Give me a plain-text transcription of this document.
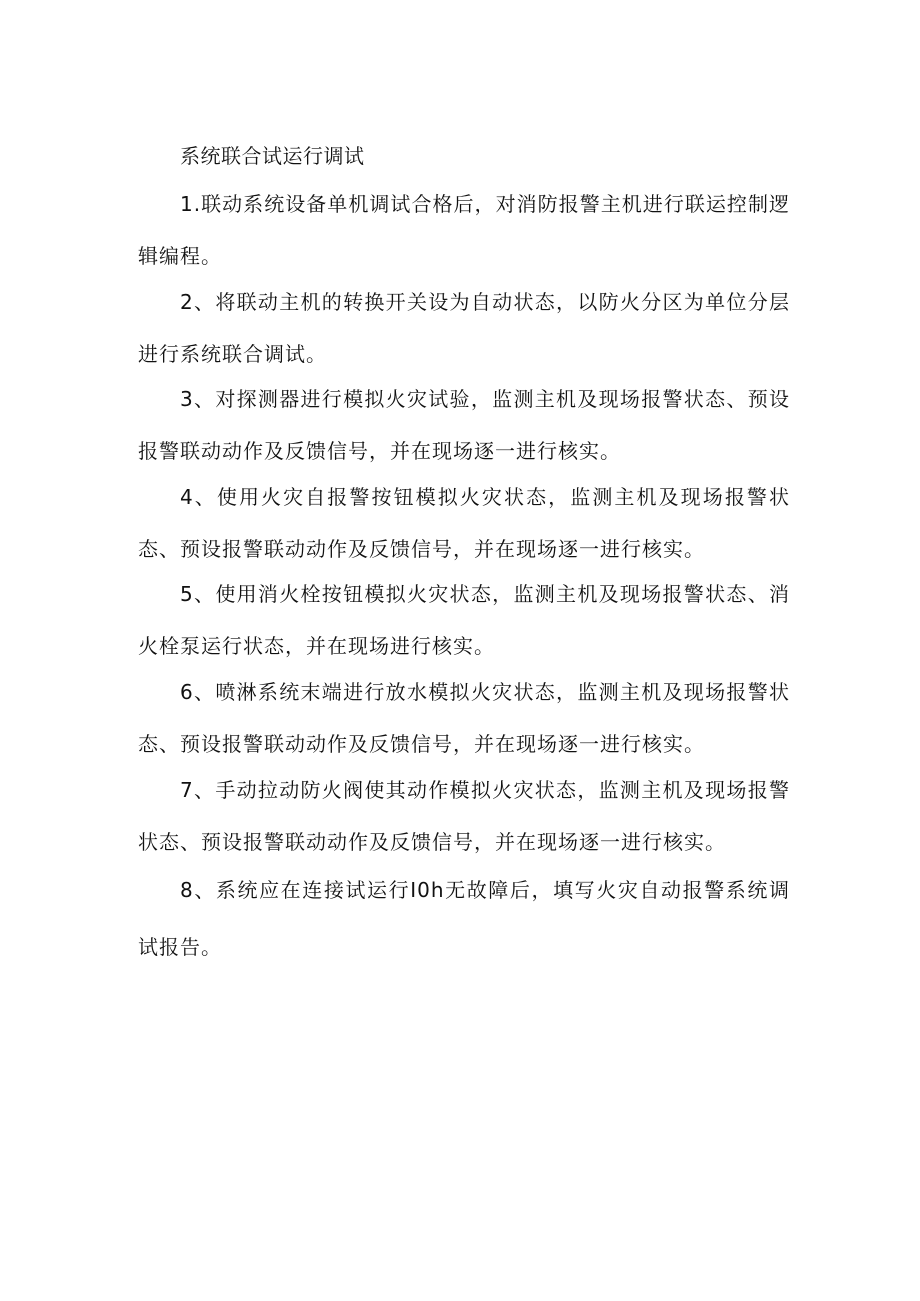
系统联合试运行调试

1.联动系统设备单机调试合格后，对消防报警主机进行联运控制逻辑编程。

2、将联动主机的转换开关设为自动状态，以防火分区为单位分层进行系统联合调试。

3、对探测器进行模拟火灾试验，监测主机及现场报警状态、预设报警联动动作及反馈信号，并在现场逐一进行核实。

4、使用火灾自报警按钮模拟火灾状态，监测主机及现场报警状态、预设报警联动动作及反馈信号，并在现场逐一进行核实。

5、使用消火栓按钮模拟火灾状态，监测主机及现场报警状态、消火栓泵运行状态，并在现场进行核实。

6、喷淋系统末端进行放水模拟火灾状态，监测主机及现场报警状态、预设报警联动动作及反馈信号，并在现场逐一进行核实。

7、手动拉动防火阀使其动作模拟火灾状态，监测主机及现场报警状态、预设报警联动动作及反馈信号，并在现场逐一进行核实。

8、系统应在连接试运行I0h无故障后，填写火灾自动报警系统调试报告。
